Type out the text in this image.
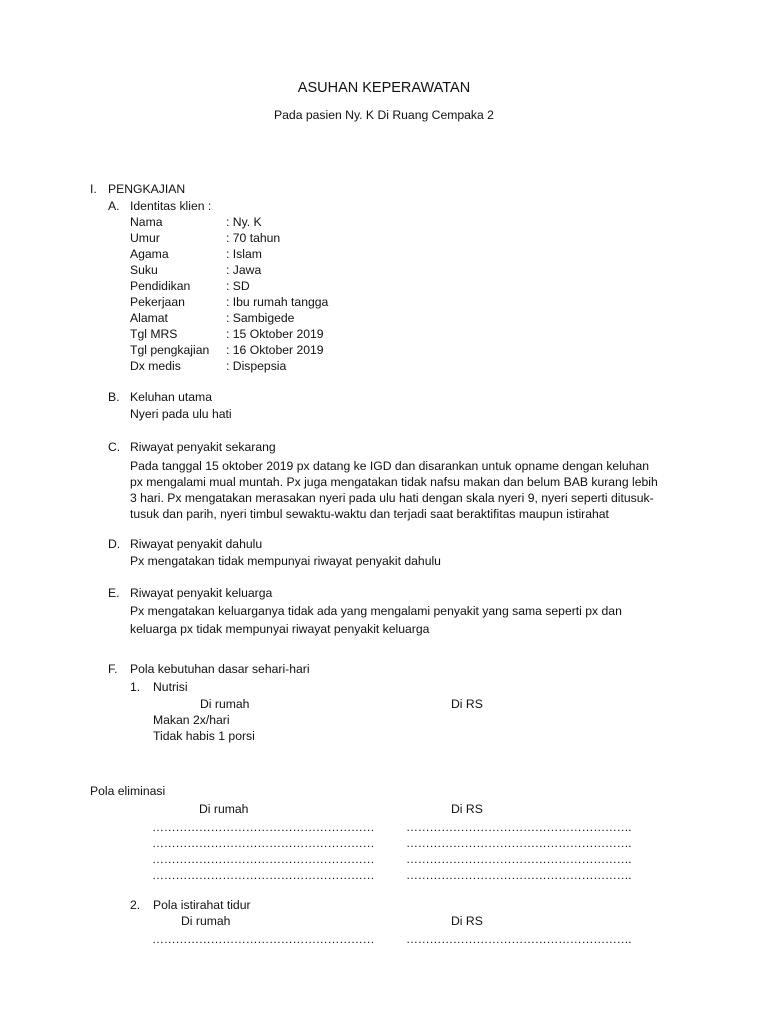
ASUHAN KEPERAWATAN
Pada pasien Ny. K Di Ruang Cempaka 2
I. PENGKAJIAN
A. Identitas klien :
Nama	: Ny. K
Umur	: 70 tahun
Agama	: Islam
Suku	: Jawa
Pendidikan	: SD
Pekerjaan	: Ibu rumah tangga
Alamat	: Sambigede
Tgl MRS	: 15 Oktober 2019
Tgl pengkajian : 16 Oktober 2019
Dx medis	: Dispepsia
B. Keluhan utama
Nyeri pada ulu hati
C. Riwayat penyakit sekarang
Pada tanggal 15 oktober 2019 px datang ke IGD dan disarankan untuk opname dengan keluhan
px mengalami mual muntah. Px juga mengatakan tidak nafsu makan dan belum BAB kurang lebih
3 hari. Px mengatakan merasakan nyeri pada ulu hati dengan skala nyeri 9, nyeri seperti ditusuk-
tusuk dan parih, nyeri timbul sewaktu-waktu dan terjadi saat beraktifitas maupun istirahat
D. Riwayat penyakit dahulu
Px mengatakan tidak mempunyai riwayat penyakit dahulu
E. Riwayat penyakit keluarga
Px mengatakan keluarganya tidak ada yang mengalami penyakit yang sama seperti px dan
keluarga px tidak mempunyai riwayat penyakit keluarga
F. Pola kebutuhan dasar sehari-hari
1. Nutrisi
Di rumah	Di RS
Makan 2x/hari
Tidak habis 1 porsi
Pola eliminasi
Di rumah	Di RS
…………………………………………………	………………………………………………….
…………………………………………………	………………………………………………….
…………………………………………………	………………………………………………….
…………………………………………………	………………………………………………….
2. Pola istirahat tidur
Di rumah	Di RS
…………………………………………………	………………………………………………….
